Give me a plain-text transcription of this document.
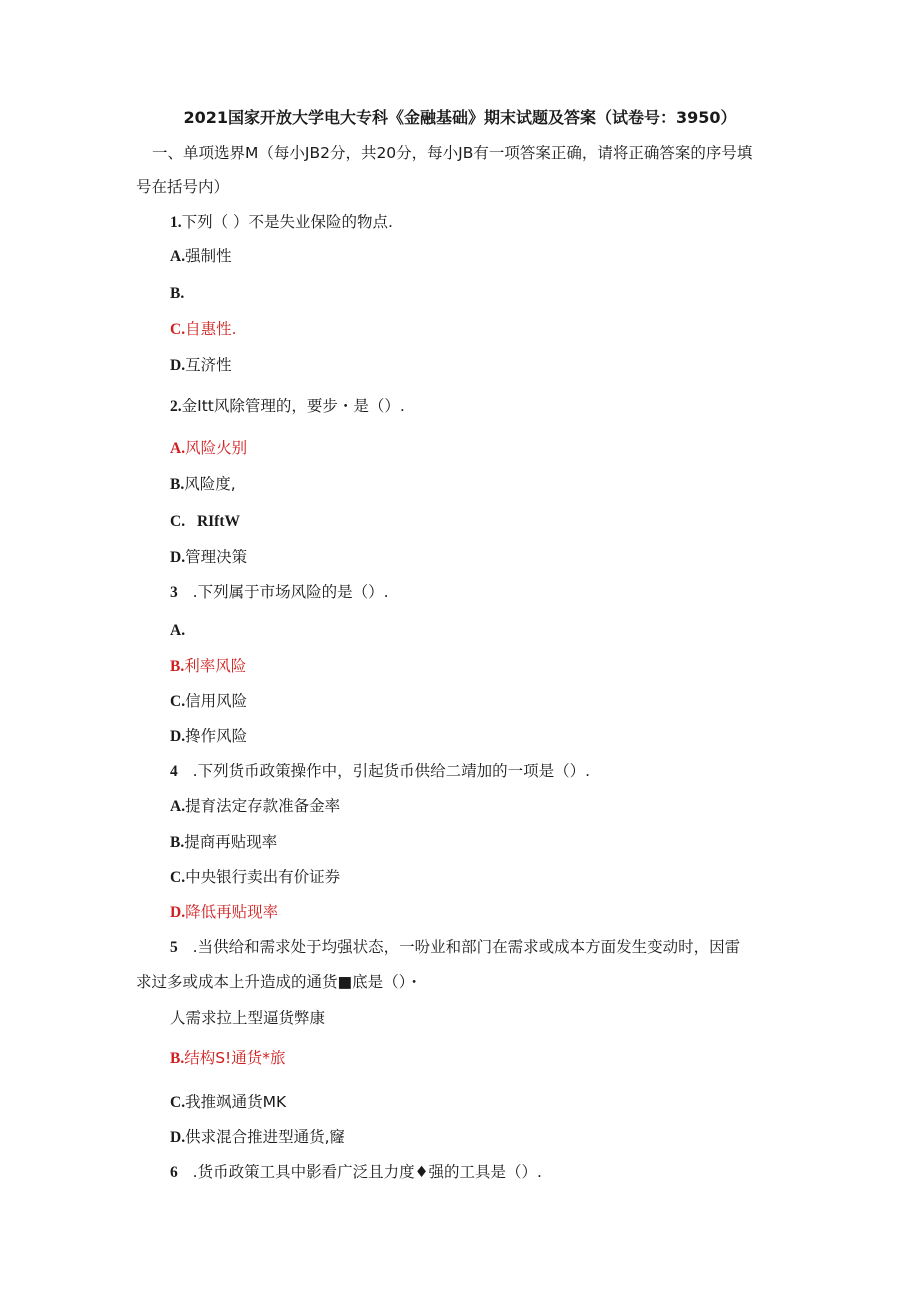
2021国家开放大学电大专科《金融基础》期末试题及答案（试卷号：3950）
一、单项选界M（每小JB2分，共20分，每小JB有一项答案正确，请将正确答案的序号填
号在括号内）
1.下列（ ）不是失业保险的物点.
A.强制性
B.
C.自惠性.
D.互济性
2.金Itt风除管理的，要步・是（）.
A.风险火别
B.风险度,
C. RIftW
D.管理决策
3 .下列属于市场风险的是（）.
A.
B.利率风险
C.信用风险
D.搀作风险
4 .下列货币政策操作中，引起货币供给二靖加的一项是（）.
A.提育法定存款准备金率
B.提商再贴现率
C.中央银行卖出有价证券
D.降低再贴现率
5 .当供给和需求处于均强状态，一吩业和部门在需求或成本方面发生变动时，因雷
求过多或成本上升造成的通货■底是（）・
人需求拉上型逼货弊康
B.结构S!通货*旅
C.我推飒通货MK
D.供求混合推进型通货,窿
6 .货币政策工具中影看广泛且力度♦强的工具是（）.
